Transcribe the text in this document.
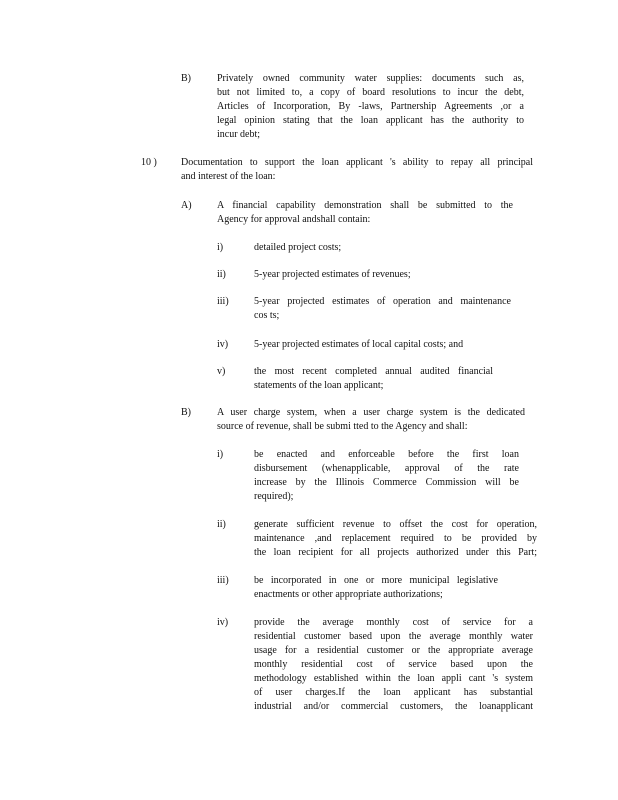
B)	Privately owned community water supplies: documents such as,
but not limited to, a copy of board resolutions to incur the debt,
Articles of Incorporation, By -laws, Partnership Agreements ,or a
legal opinion stating that the loan applicant has the authority to
incur debt;
10 ) Documentation to support the loan applicant 's ability to repay all principal
and interest of the loan:
A)	A financial capability demonstration shall be submitted to the
Agency for approval andshall contain:
i)	detailed project costs;
ii)	5-year projected estimates of revenues;
iii)	5-year projected estimates of operation and maintenance
cos ts;
iv)	5-year projected estimates of local capital costs; and
v)	the most recent completed annual audited financial
statements of the loan applicant;
B)	A user charge system, when a user charge system is the dedicated
source of revenue, shall be submi tted to the Agency and shall:
i)	be enacted and enforceable before the first loan
disbursement (whenapplicable, approval of the rate
increase by the Illinois Commerce Commission will be
required);
ii)	generate sufficient revenue to offset the cost for operation,
maintenance ,and replacement required to be provided by
the loan recipient for all projects authorized under this Part;
iii)	be incorporated in one or more municipal legislative
enactments or other appropriate authorizations;
iv)	provide the average monthly cost of service for a
residential customer based upon the average monthly water
usage for a residential customer or the appropriate average
monthly residential cost of service based upon the
methodology established within the loan appli cant 's system
of user charges.If the loan applicant has substantial
industrial and/or commercial customers, the loanapplicant
